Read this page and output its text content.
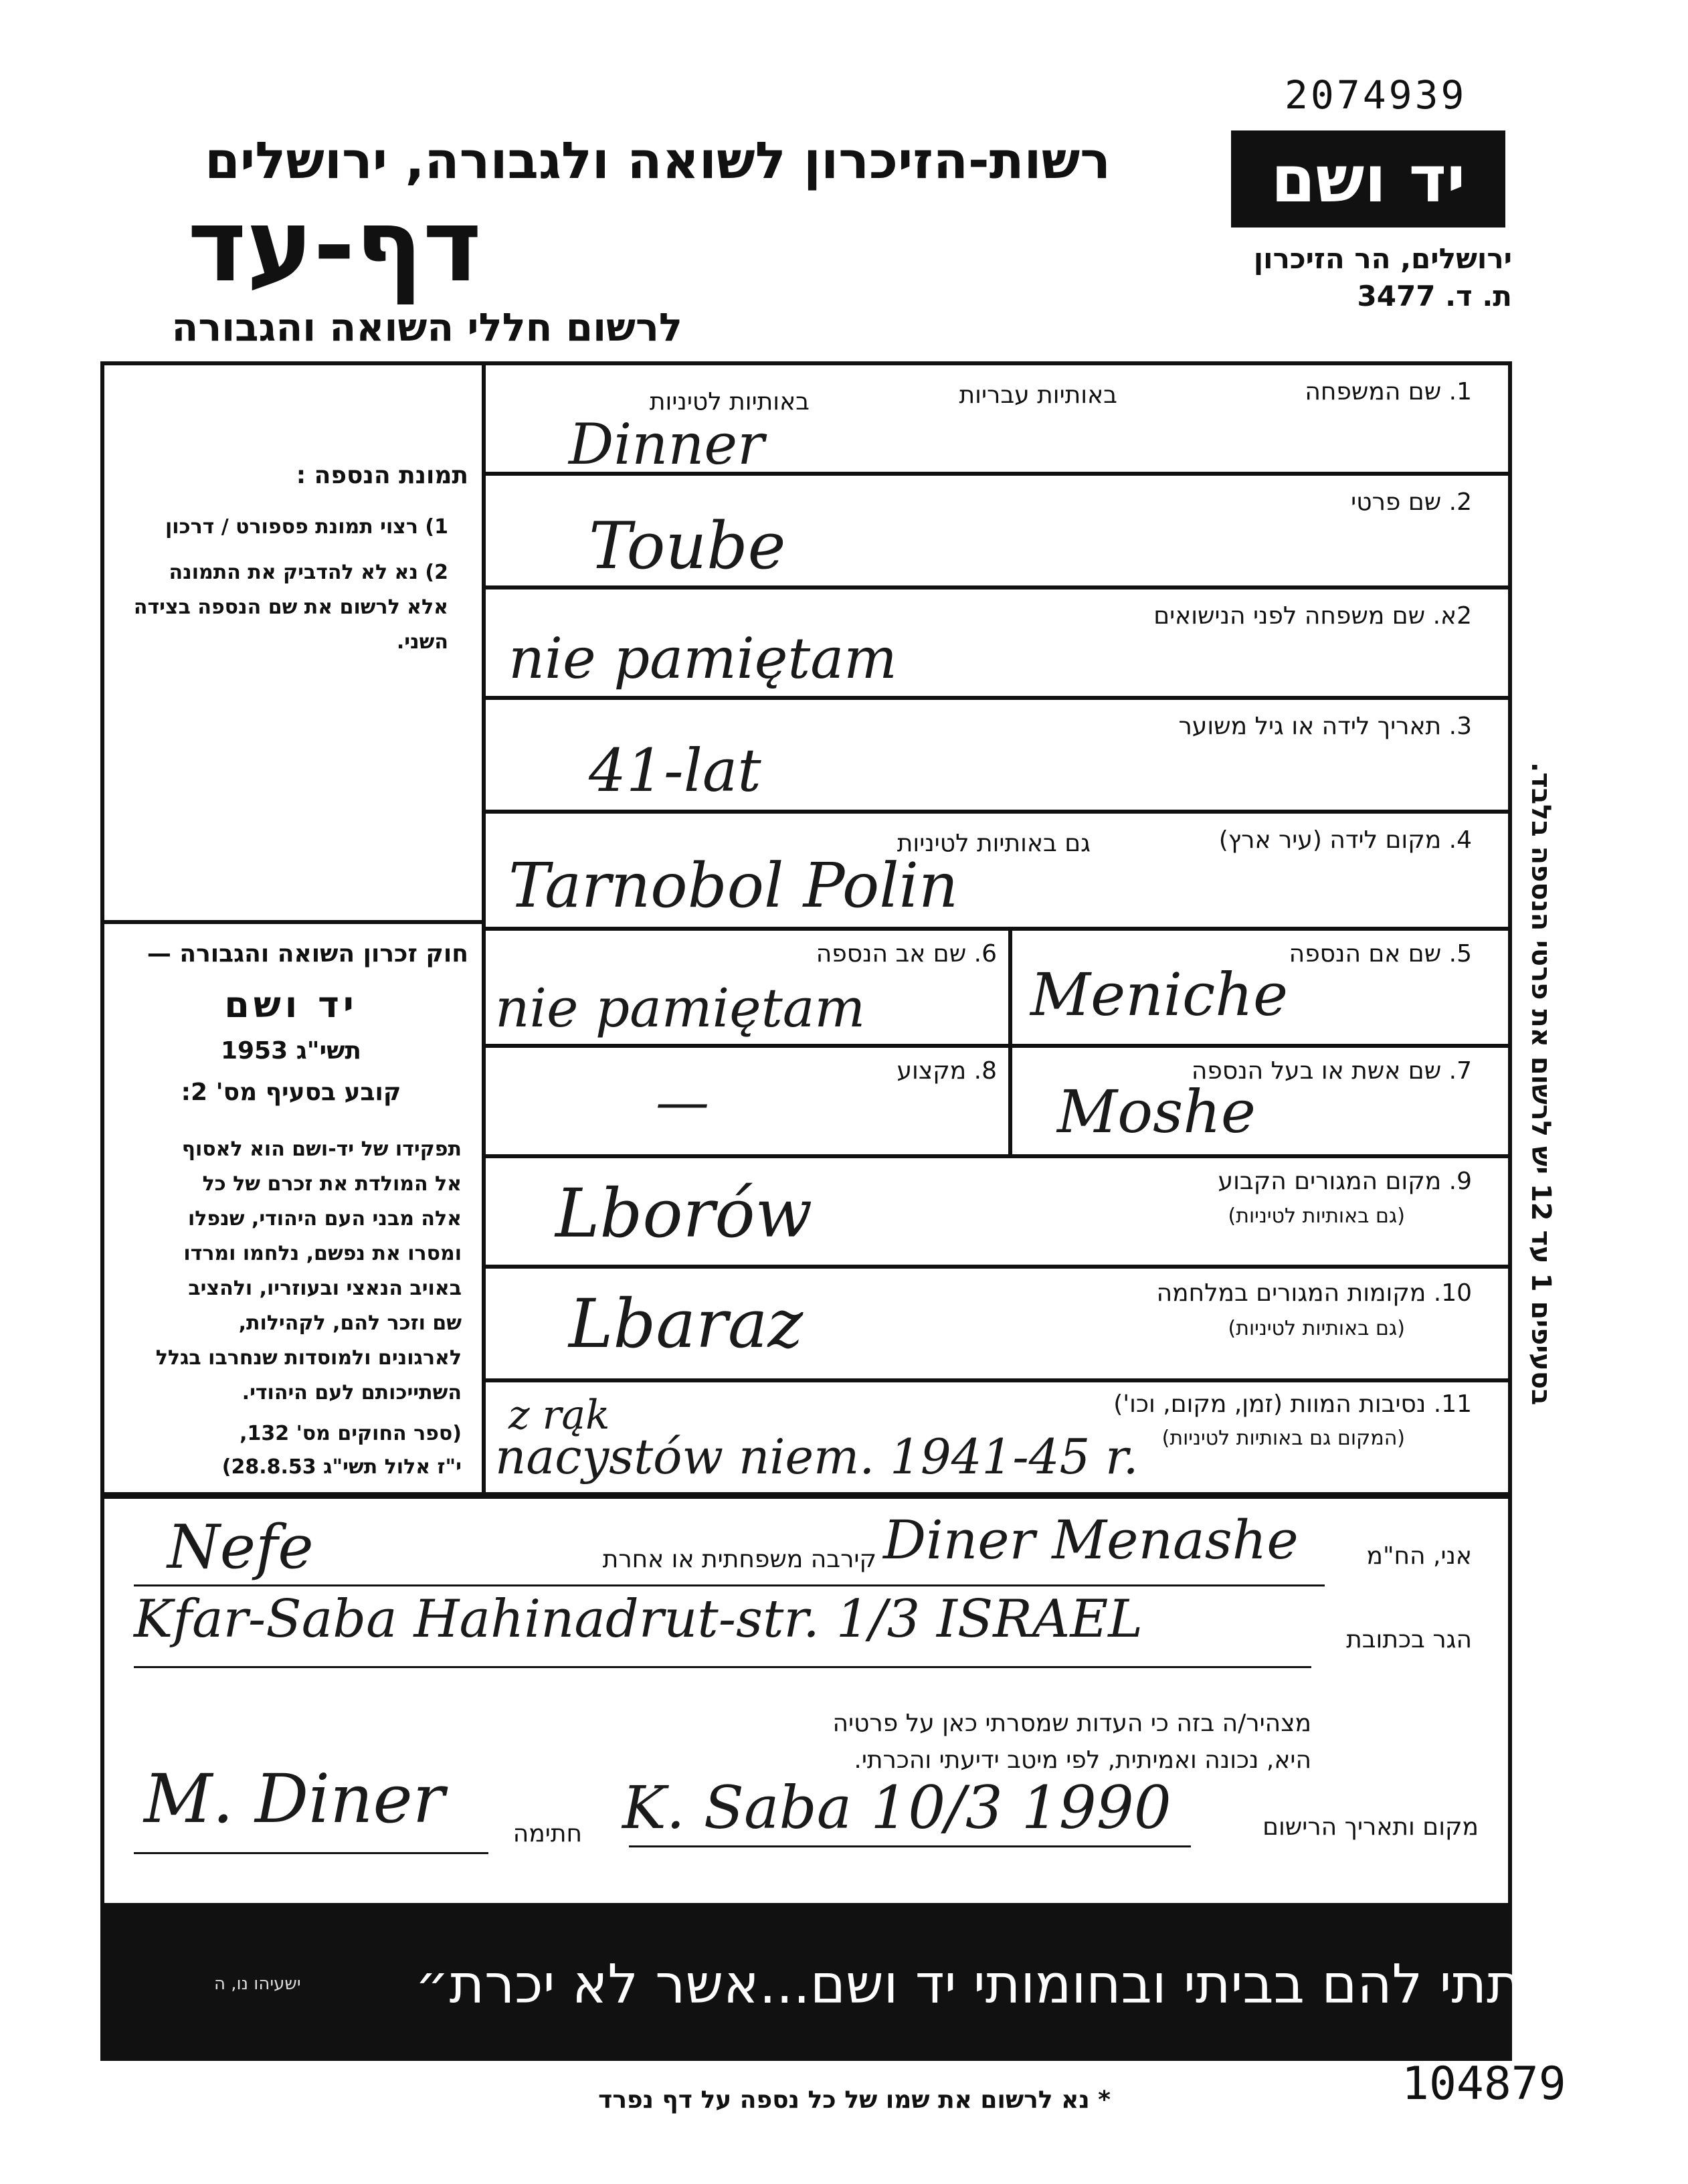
2074939
רשות-הזיכרון לשואה ולגבורה, ירושלים
דף-עד
לרשום חללי השואה והגבורה
יד ושם
ירושלים, הר הזיכרון
ת. ד. 3477
תמונת הנספה :
1) רצוי תמונת פספורט / דרכון
2) נא לא להדביק את התמונה
אלא לרשום את שם הנספה בצידה
השני.
חוק זכרון השואה והגבורה —
יד ושם
תשי"ג 1953
קובע בסעיף מס' 2:
תפקידו של יד-ושם הוא לאסוף
אל המולדת את זכרם של כל
אלה מבני העם היהודי, שנפלו
ומסרו את נפשם, נלחמו ומרדו
באויב הנאצי ובעוזריו, ולהציב
שם וזכר להם, לקהילות,
לארגונים ולמוסדות שנחרבו בגלל
השתייכותם לעם היהודי.
(ספר החוקים מס' 132,
י"ז אלול תשי"ג 28.8.53)
1. שם המשפחה
באותיות עבריות
באותיות לטיניות
Dinner
2. שם פרטי
Toube
2א. שם משפחה לפני הנישואים
nie pamiętam
3. תאריך לידה או גיל משוער
41-lat
4. מקום לידה (עיר ארץ)
גם באותיות לטיניות
Tarnobol Polin
5. שם אם הנספה
Meniche
6. שם אב הנספה
nie pamiętam
7. שם אשת או בעל הנספה
Moshe
8. מקצוע
—
9. מקום המגורים הקבוע
(גם באותיות לטיניות)
Lborów
10. מקומות המגורים במלחמה
(גם באותיות לטיניות)
Lbaraz
11. נסיבות המוות (זמן, מקום, וכו')
(המקום גם באותיות לטיניות)
z rąk
nacystów niem. 1941-45 r.
אני, הח"מ
Diner Menashe
קירבה משפחתית או אחרת
Nefe
הגר בכתובת
Kfar-Saba Hahinadrut-str. 1/3 ISRAEL
מצהיר/ה בזה כי העדות שמסרתי כאן על פרטיה
היא, נכונה ואמיתית, לפי מיטב ידיעתי והכרתי.
מקום ותאריך הרישום
K. Saba 10/3 1990
חתימה
M. Diner
בסעיפים 1 עד 12 יש לרשום את פרטי הנספה בלבד.
ישעיהו נו, ה	״...ונתתי להם בביתי ובחומותי יד ושם...אשר לא יכרת״
* נא לרשום את שמו של כל נספה על דף נפרד	104879
